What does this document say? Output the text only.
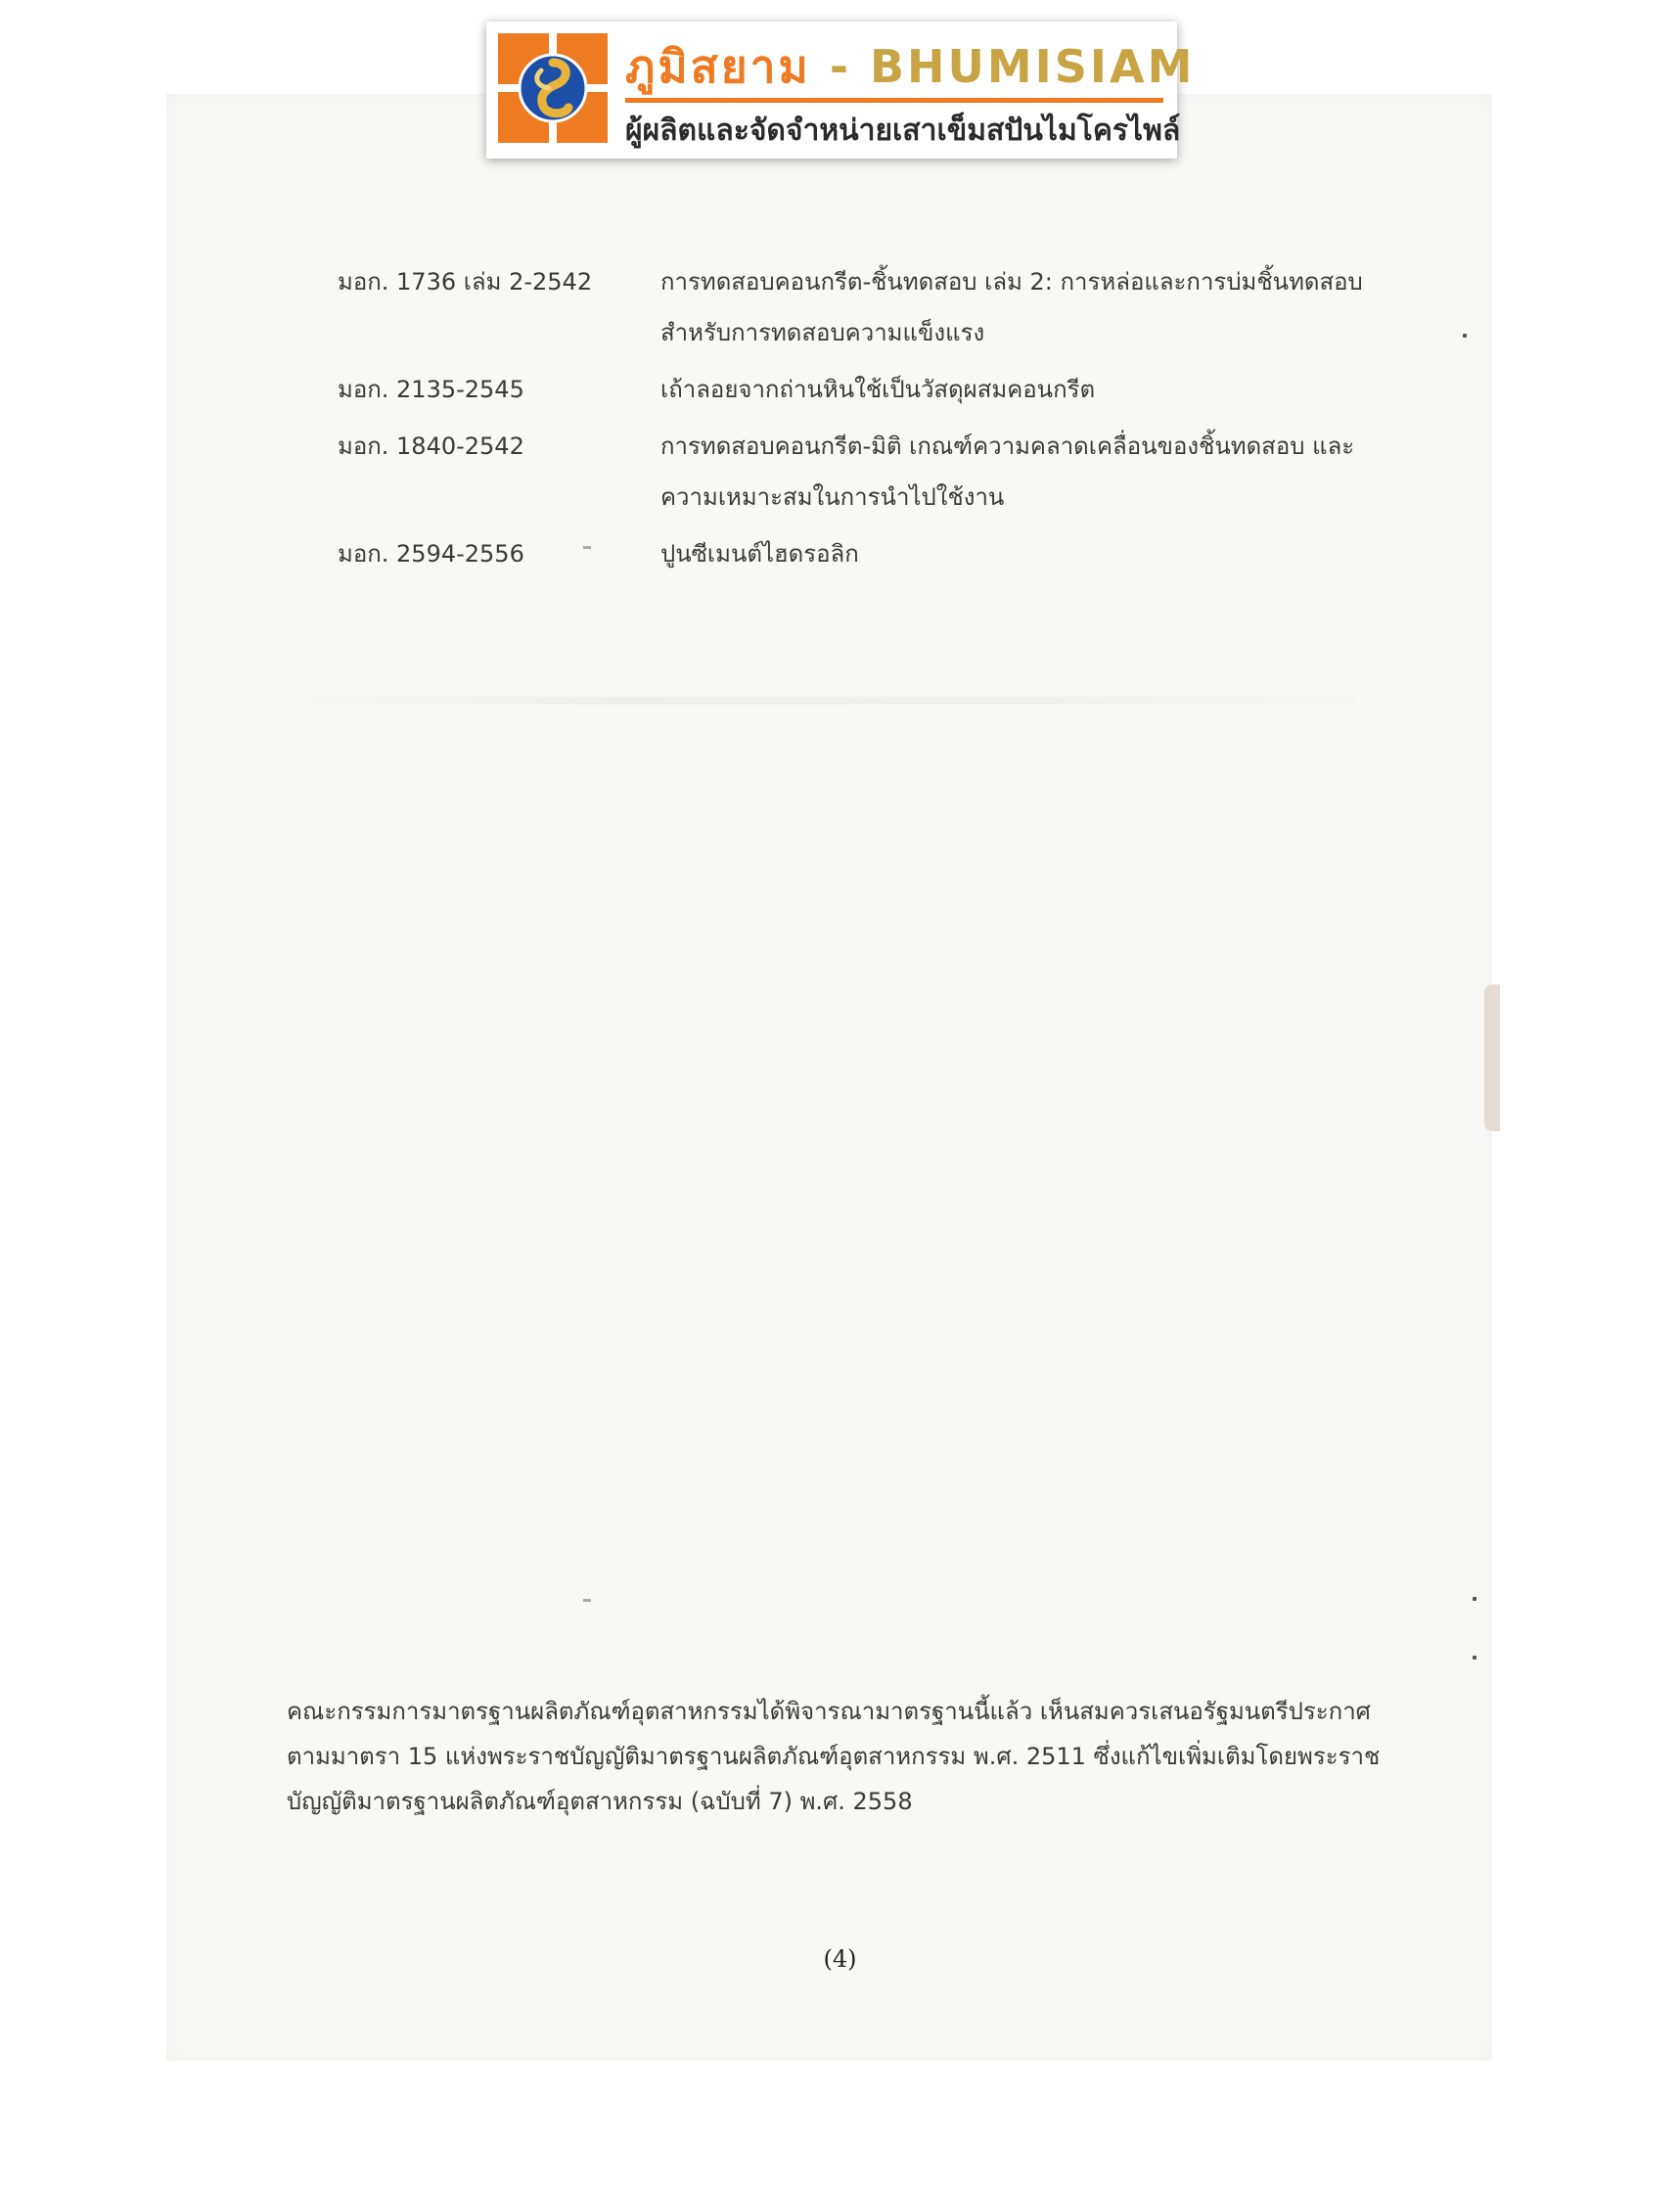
ภูมิสยาม - BHUMISIAM
ผู้ผลิตและจัดจำหน่ายเสาเข็มสปันไมโครไพล์
มอก. 1736 เล่ม 2-2542	การทดสอบคอนกรีต-ชิ้นทดสอบ เล่ม 2: การหล่อและการบ่มชิ้นทดสอบสำหรับการทดสอบความแข็งแรง
มอก. 2135-2545	เถ้าลอยจากถ่านหินใช้เป็นวัสดุผสมคอนกรีต
มอก. 1840-2542	การทดสอบคอนกรีต-มิติ เกณฑ์ความคลาดเคลื่อนของชิ้นทดสอบ และความเหมาะสมในการนำไปใช้งาน
มอก. 2594-2556	ปูนซีเมนต์ไฮดรอลิก
คณะกรรมการมาตรฐานผลิตภัณฑ์อุตสาหกรรมได้พิจารณามาตรฐานนี้แล้ว เห็นสมควรเสนอรัฐมนตรีประกาศตามมาตรา 15 แห่งพระราชบัญญัติมาตรฐานผลิตภัณฑ์อุตสาหกรรม พ.ศ. 2511 ซึ่งแก้ไขเพิ่มเติมโดยพระราชบัญญัติมาตรฐานผลิตภัณฑ์อุตสาหกรรม (ฉบับที่ 7) พ.ศ. 2558
(4)
